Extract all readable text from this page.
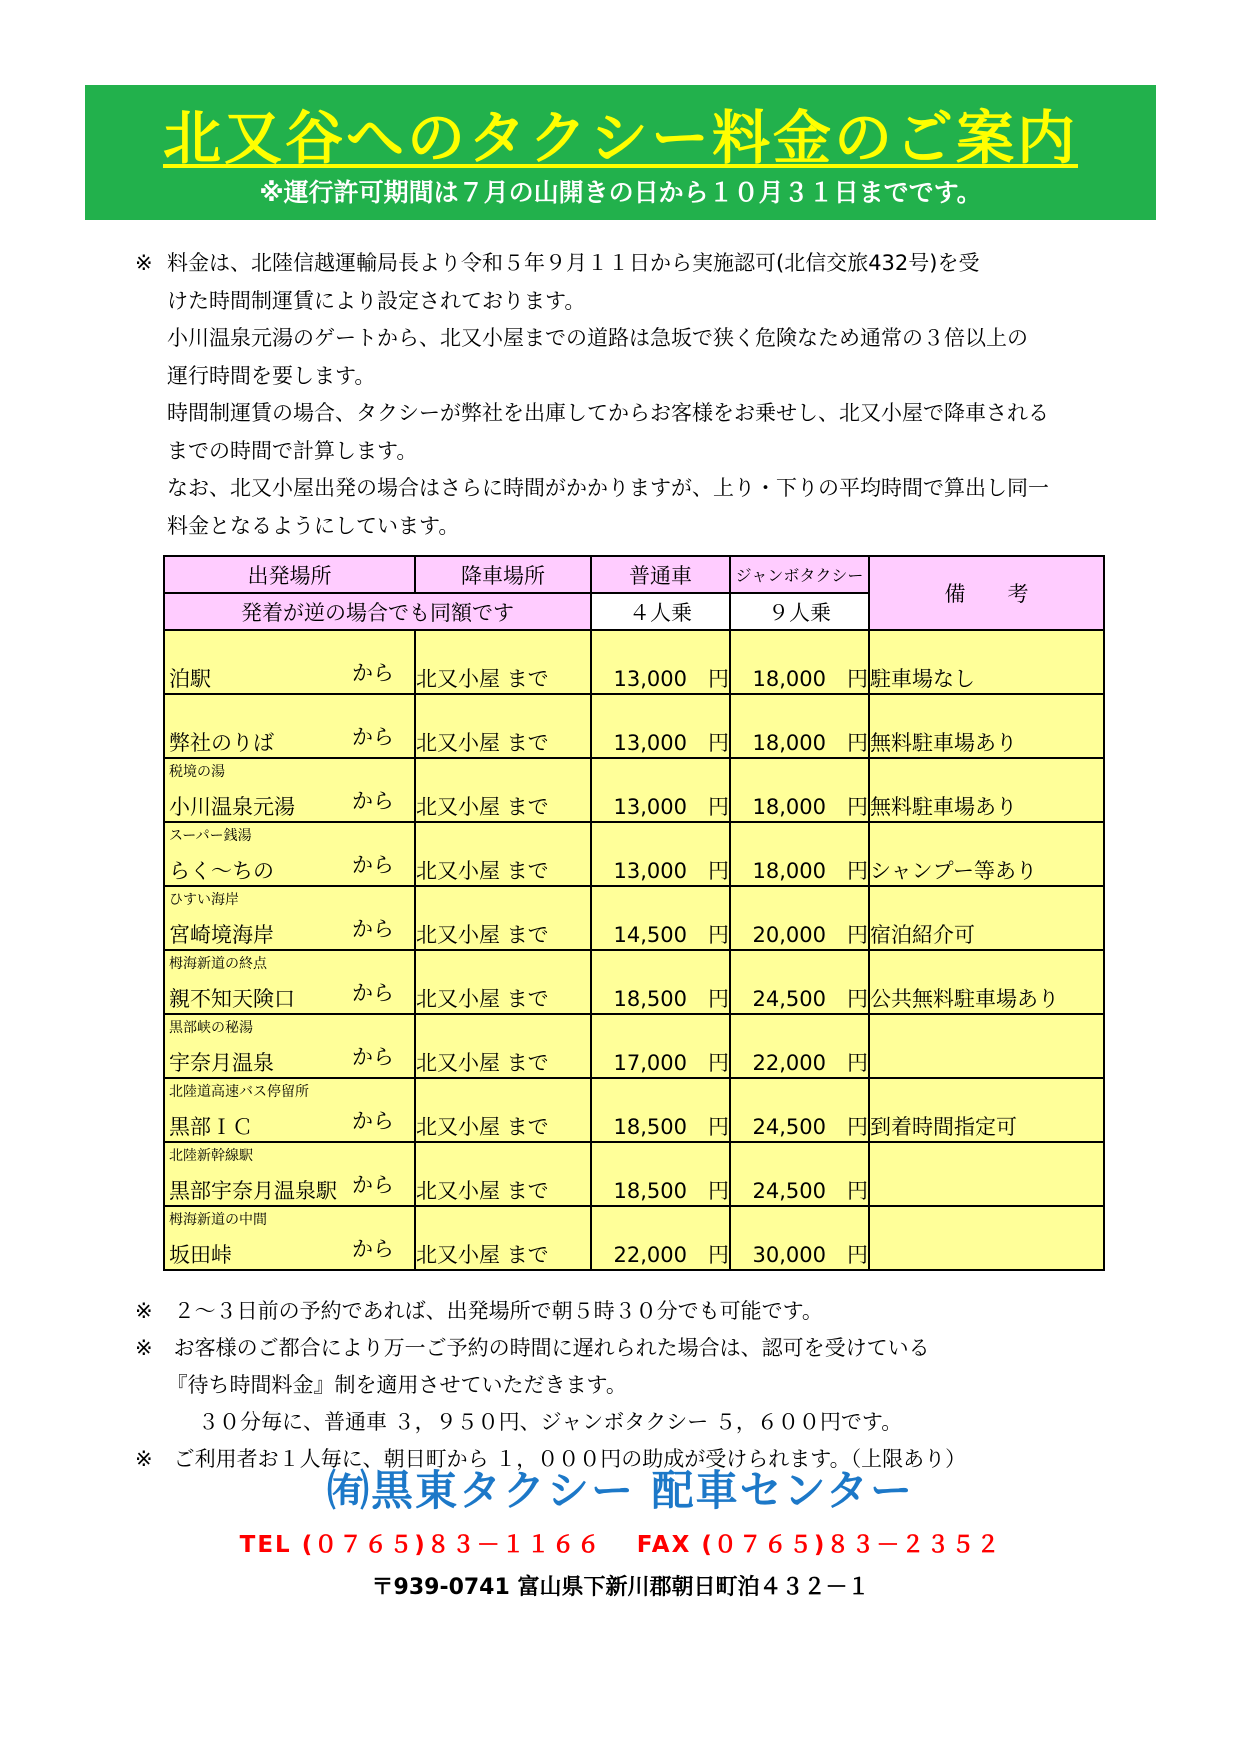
北又谷へのタクシー料金のご案内
※運行許可期間は７月の山開きの日から１０月３１日までです。
※ 料金は、北陸信越運輸局長より令和５年９月１１日から実施認可(北信交旅432号)を受
けた時間制運賃により設定されております。
小川温泉元湯のゲートから、北又小屋までの道路は急坂で狭く危険なため通常の３倍以上の
運行時間を要します。
時間制運賃の場合、タクシーが弊社を出庫してからお客様をお乗せし、北又小屋で降車される
までの時間で計算します。
なお、北又小屋出発の場合はさらに時間がかかりますが、上り・下りの平均時間で算出し同一
料金となるようにしています。
出発場所	降車場所	普通車	ジャンボタクシー	備　　考
発着が逆の場合でも同額です		４人乗	９人乗	

泊駅 から	北又小屋 まで	13,000　円	18,000　円	駐車場なし

弊社のりば から	北又小屋 まで	13,000　円	18,000　円	無料駐車場あり

税境の湯
小川温泉元湯 から	北又小屋 まで	13,000　円	18,000　円	無料駐車場あり

スーパー銭湯
らく～ちの から	北又小屋 まで	13,000　円	18,000　円	シャンプー等あり

ひすい海岸
宮崎境海岸 から	北又小屋 まで	14,500　円	20,000　円	宿泊紹介可

栂海新道の終点
親不知天険口 から	北又小屋 まで	18,500　円	24,500　円	公共無料駐車場あり

黒部峡の秘湯
宇奈月温泉 から	北又小屋 まで	17,000　円	22,000　円	

北陸道高速バス停留所
黒部ＩＣ から	北又小屋 まで	18,500　円	24,500　円	到着時間指定可

北陸新幹線駅
黒部宇奈月温泉駅 から	北又小屋 まで	18,500　円	24,500　円	

栂海新道の中間
坂田峠 から	北又小屋 まで	22,000　円	30,000　円	
※　２～３日前の予約であれば、出発場所で朝５時３０分でも可能です。
※　お客様のご都合により万一ご予約の時間に遅れられた場合は、認可を受けている
　　『待ち時間料金』制を適用させていただきます。
　　　３０分毎に、普通車 ３，９５０円、ジャンボタクシー ５，６００円です。
※　ご利用者お１人毎に、朝日町から １，０００円の助成が受けられます。（上限あり）
㈲黒東タクシー 配車センター
TEL (０７６５)８３－１１６６　 FAX (０７６５)８３－２３５２
〒939-0741 富山県下新川郡朝日町泊４３２－１
